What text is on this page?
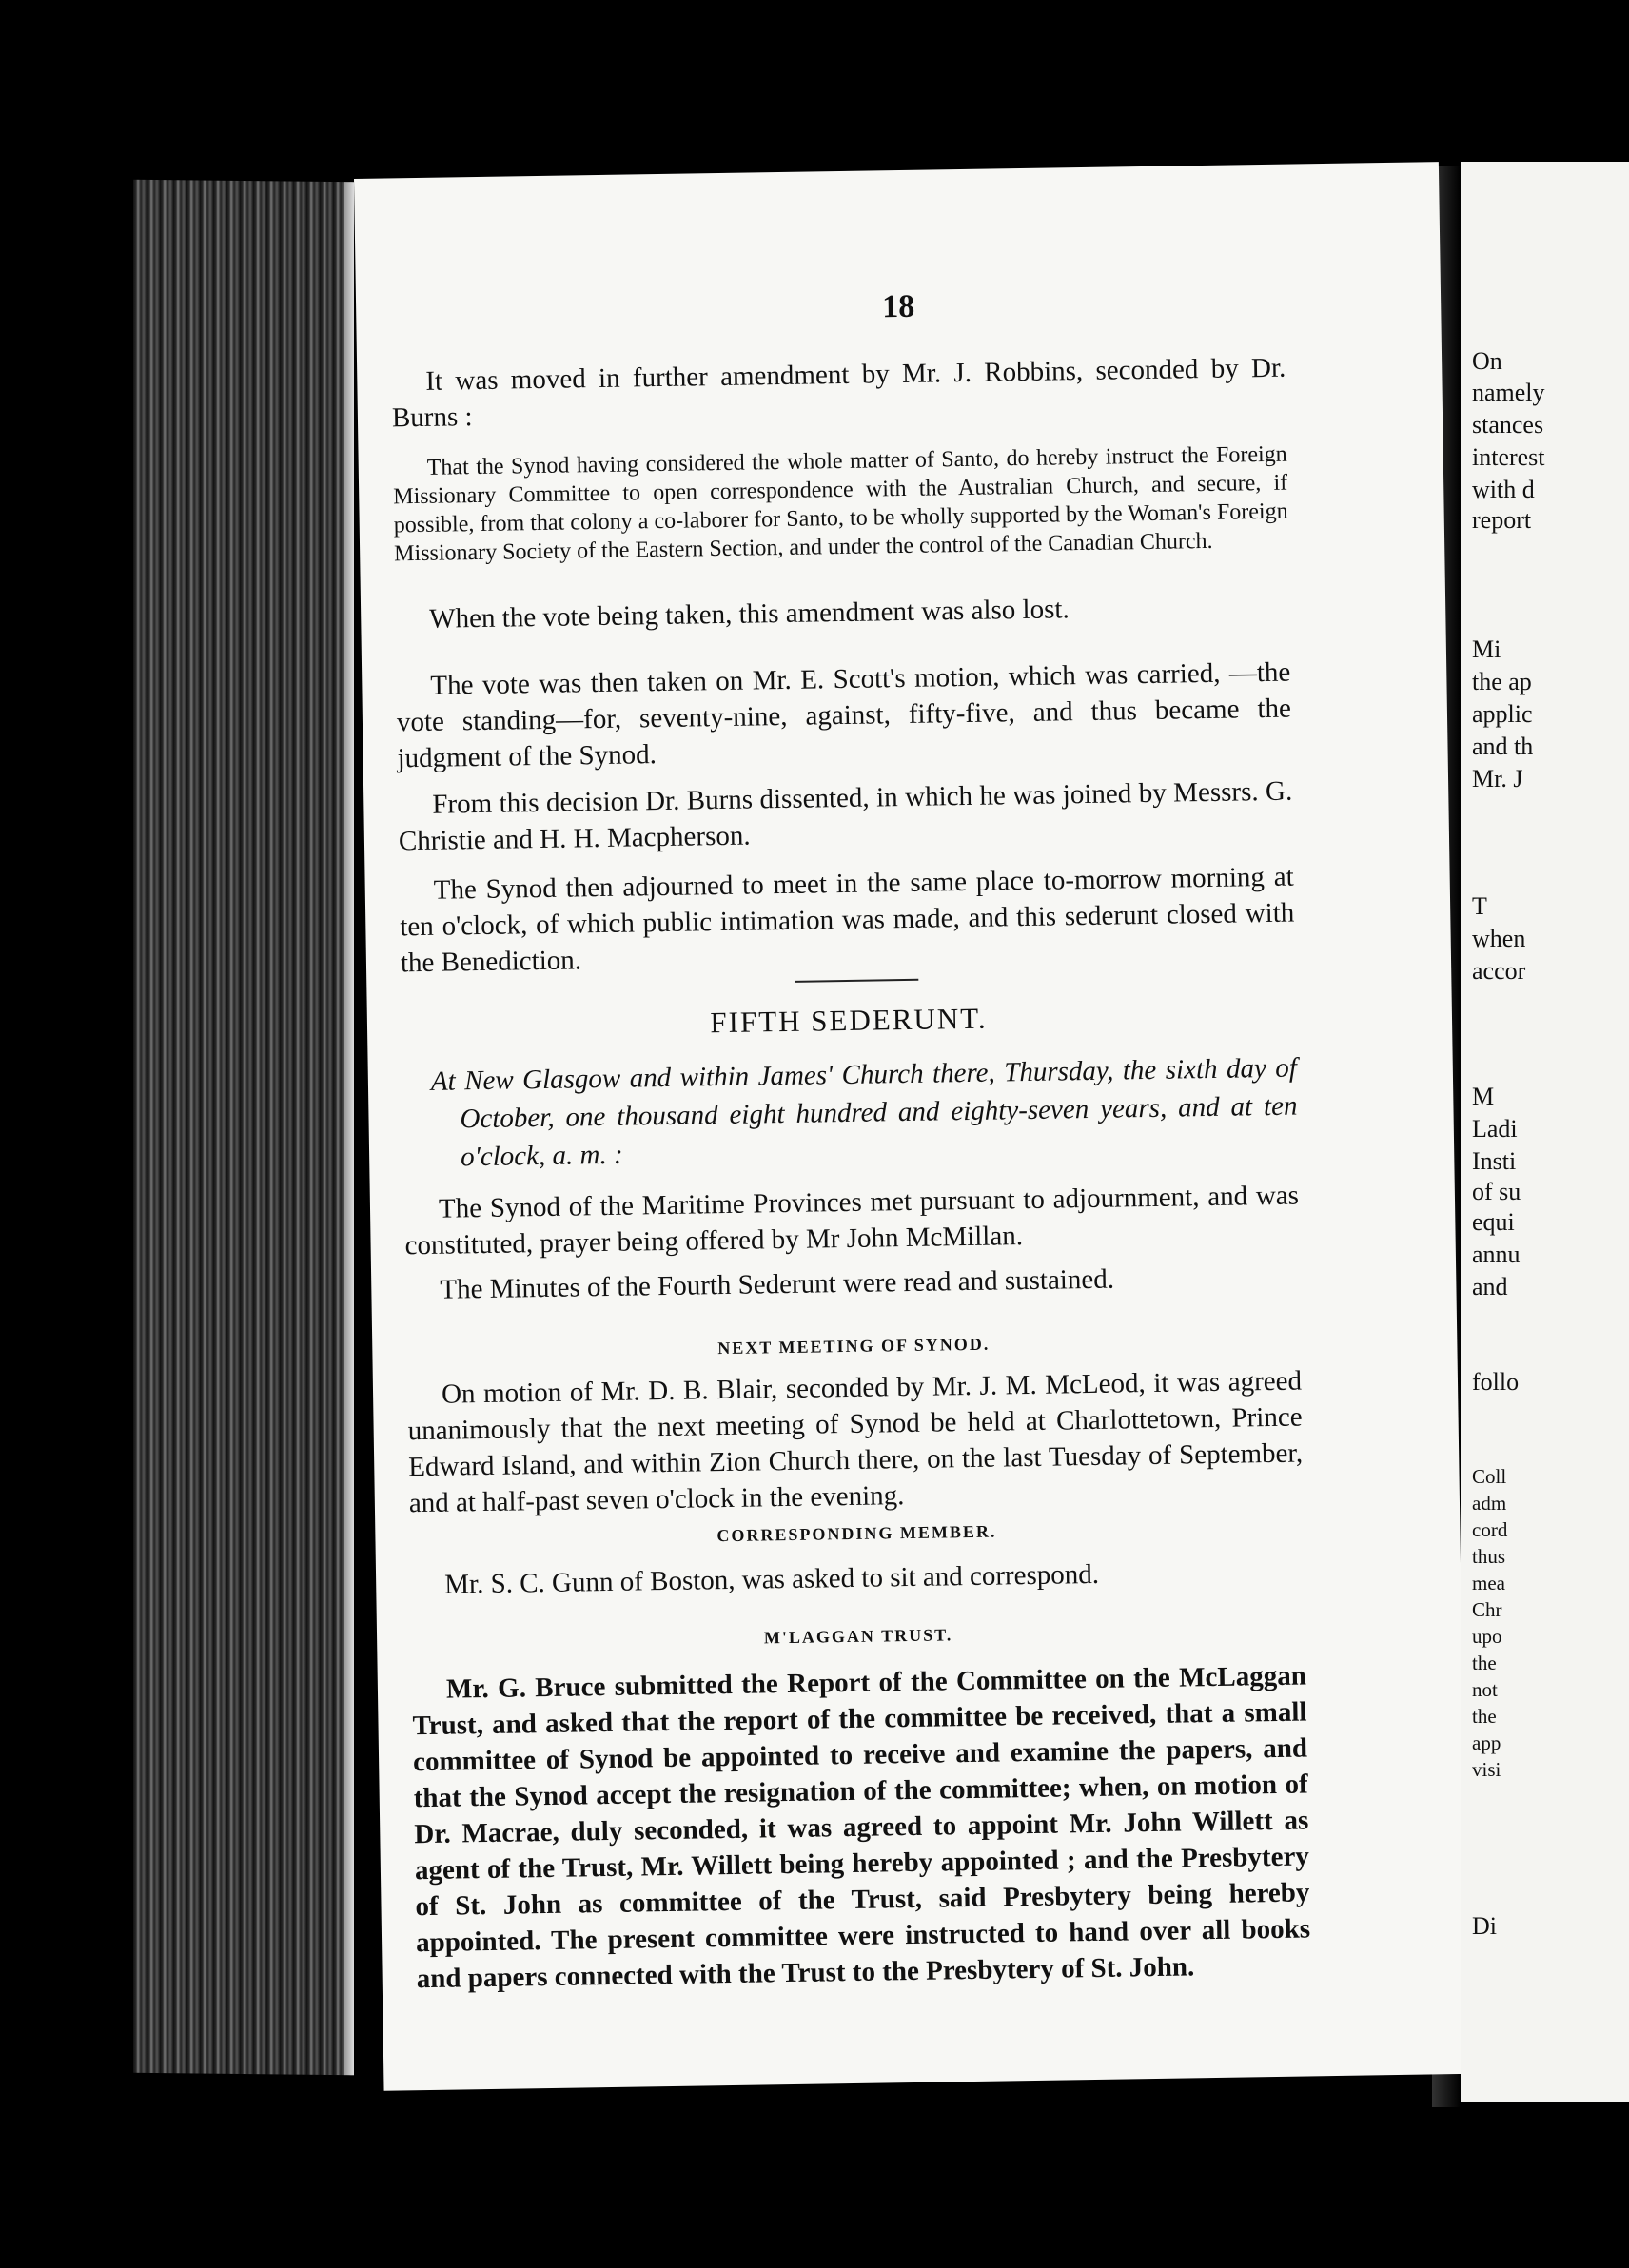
18

It was moved in further amendment by Mr. J. Robbins, seconded by Dr. Burns :

That the Synod having considered the whole matter of Santo, do hereby instruct the Foreign Missionary Committee to open correspondence with the Australian Church, and secure, if possible, from that colony a co-laborer for Santo, to be wholly supported by the Woman's Foreign Missionary Society of the Eastern Section, and under the control of the Canadian Church.

When the vote being taken, this amendment was also lost.

The vote was then taken on Mr. E. Scott's motion, which was carried, —the vote standing—for, seventy-nine, against, fifty-five, and thus became the judgment of the Synod.

From this decision Dr. Burns dissented, in which he was joined by Messrs. G. Christie and H. H. Macpherson.

The Synod then adjourned to meet in the same place to-morrow morning at ten o'clock, of which public intimation was made, and this sederunt closed with the Benediction.

FIFTH SEDERUNT.

At New Glasgow and within James' Church there, Thursday, the sixth day of October, one thousand eight hundred and eighty-seven years, and at ten o'clock, a. m. :

The Synod of the Maritime Provinces met pursuant to adjournment, and was constituted, prayer being offered by Mr John McMillan.

The Minutes of the Fourth Sederunt were read and sustained.

NEXT MEETING OF SYNOD.

On motion of Mr. D. B. Blair, seconded by Mr. J. M. McLeod, it was agreed unanimously that the next meeting of Synod be held at Charlottetown, Prince Edward Island, and within Zion Church there, on the last Tuesday of September, and at half-past seven o'clock in the evening.

CORRESPONDING MEMBER.

Mr. S. C. Gunn of Boston, was asked to sit and correspond.

M'LAGGAN TRUST.

Mr. G. Bruce submitted the Report of the Committee on the McLaggan Trust, and asked that the report of the committee be received, that a small committee of Synod be appointed to receive and examine the papers, and that the Synod accept the resignation of the committee; when, on motion of Dr. Macrae, duly seconded, it was agreed to appoint Mr. John Willett as agent of the Trust, Mr. Willett being hereby appointed ; and the Presbytery of St. John as committee of the Trust, said Presbytery being hereby appointed. The present committee were instructed to hand over all books and papers connected with the Trust to the Presbytery of St. John.

On
namely
stances
interest
with d
report
Mi
the ap
applic
and th
Mr. J
T
when
accor
M
Ladi
Insti
of su
equi
annu
and
follo
Coll
adm
cord
thus
mea
Chr
upo
the
not
the
app
visi
Di
